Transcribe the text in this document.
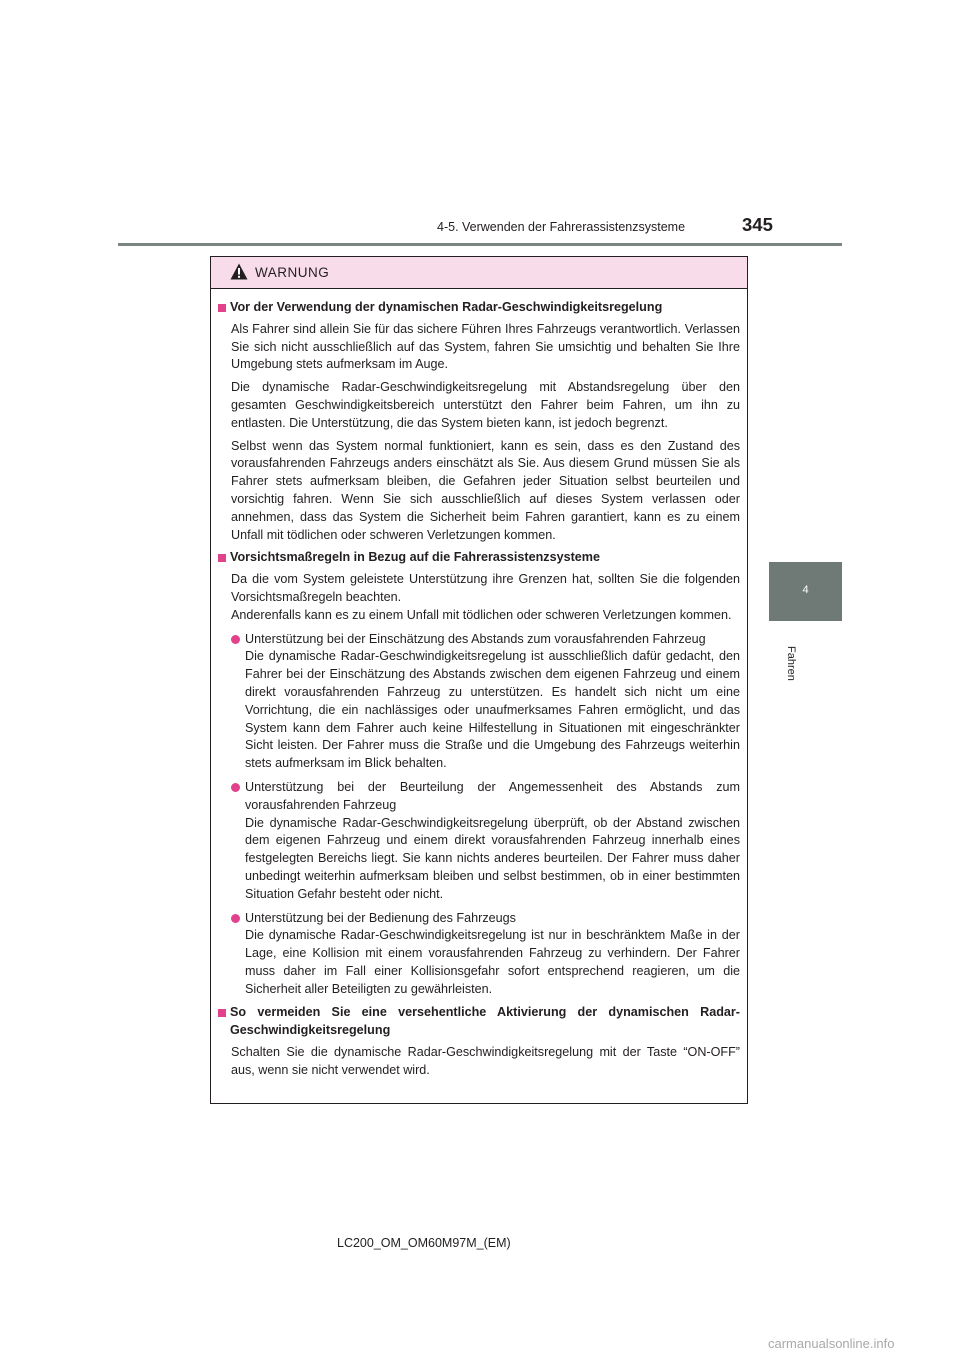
4-5. Verwenden der Fahrerassistenzsysteme	345
4
Fahren
WARNUNG
Vor der Verwendung der dynamischen Radar-Geschwindigkeitsregelung

Als Fahrer sind allein Sie für das sichere Führen Ihres Fahrzeugs verantwortlich. Verlassen Sie sich nicht ausschließlich auf das System, fahren Sie umsichtig und behalten Sie Ihre Umgebung stets aufmerksam im Auge.

Die dynamische Radar-Geschwindigkeitsregelung mit Abstandsregelung über den gesamten Geschwindigkeitsbereich unterstützt den Fahrer beim Fahren, um ihn zu entlasten. Die Unterstützung, die das System bieten kann, ist jedoch begrenzt.

Selbst wenn das System normal funktioniert, kann es sein, dass es den Zustand des vorausfahrenden Fahrzeugs anders einschätzt als Sie. Aus diesem Grund müssen Sie als Fahrer stets aufmerksam bleiben, die Gefahren jeder Situation selbst beurteilen und vorsichtig fahren. Wenn Sie sich ausschließlich auf dieses System verlassen oder annehmen, dass das System die Sicherheit beim Fahren garantiert, kann es zu einem Unfall mit tödlichen oder schweren Verletzungen kommen.

Vorsichtsmaßregeln in Bezug auf die Fahrerassistenzsysteme
Da die vom System geleistete Unterstützung ihre Grenzen hat, sollten Sie die folgenden Vorsichtsmaßregeln beachten.
Anderenfalls kann es zu einem Unfall mit tödlichen oder schweren Verletzungen kommen.
Unterstützung bei der Einschätzung des Abstands zum vorausfahrenden Fahrzeug
Die dynamische Radar-Geschwindigkeitsregelung ist ausschließlich dafür gedacht, den Fahrer bei der Einschätzung des Abstands zwischen dem eigenen Fahrzeug und einem direkt vorausfahrenden Fahrzeug zu unterstützen. Es handelt sich nicht um eine Vorrichtung, die ein nachlässiges oder unaufmerksames Fahren ermöglicht, und das System kann dem Fahrer auch keine Hilfestellung in Situationen mit eingeschränkter Sicht leisten. Der Fahrer muss die Straße und die Umgebung des Fahrzeugs weiterhin stets aufmerksam im Blick behalten.
Unterstützung bei der Beurteilung der Angemessenheit des Abstands zum vorausfahrenden Fahrzeug
Die dynamische Radar-Geschwindigkeitsregelung überprüft, ob der Abstand zwischen dem eigenen Fahrzeug und einem direkt vorausfahrenden Fahrzeug innerhalb eines festgelegten Bereichs liegt. Sie kann nichts anderes beurteilen. Der Fahrer muss daher unbedingt weiterhin aufmerksam bleiben und selbst bestimmen, ob in einer bestimmten Situation Gefahr besteht oder nicht.
Unterstützung bei der Bedienung des Fahrzeugs
Die dynamische Radar-Geschwindigkeitsregelung ist nur in beschränktem Maße in der Lage, eine Kollision mit einem vorausfahrenden Fahrzeug zu verhindern. Der Fahrer muss daher im Fall einer Kollisionsgefahr sofort entsprechend reagieren, um die Sicherheit aller Beteiligten zu gewährleisten.
So vermeiden Sie eine versehentliche Aktivierung der dynamischen Radar-Geschwindigkeitsregelung

Schalten Sie die dynamische Radar-Geschwindigkeitsregelung mit der Taste “ON-OFF” aus, wenn sie nicht verwendet wird.

LC200_OM_OM60M97M_(EM)
carmanualsonline.info
